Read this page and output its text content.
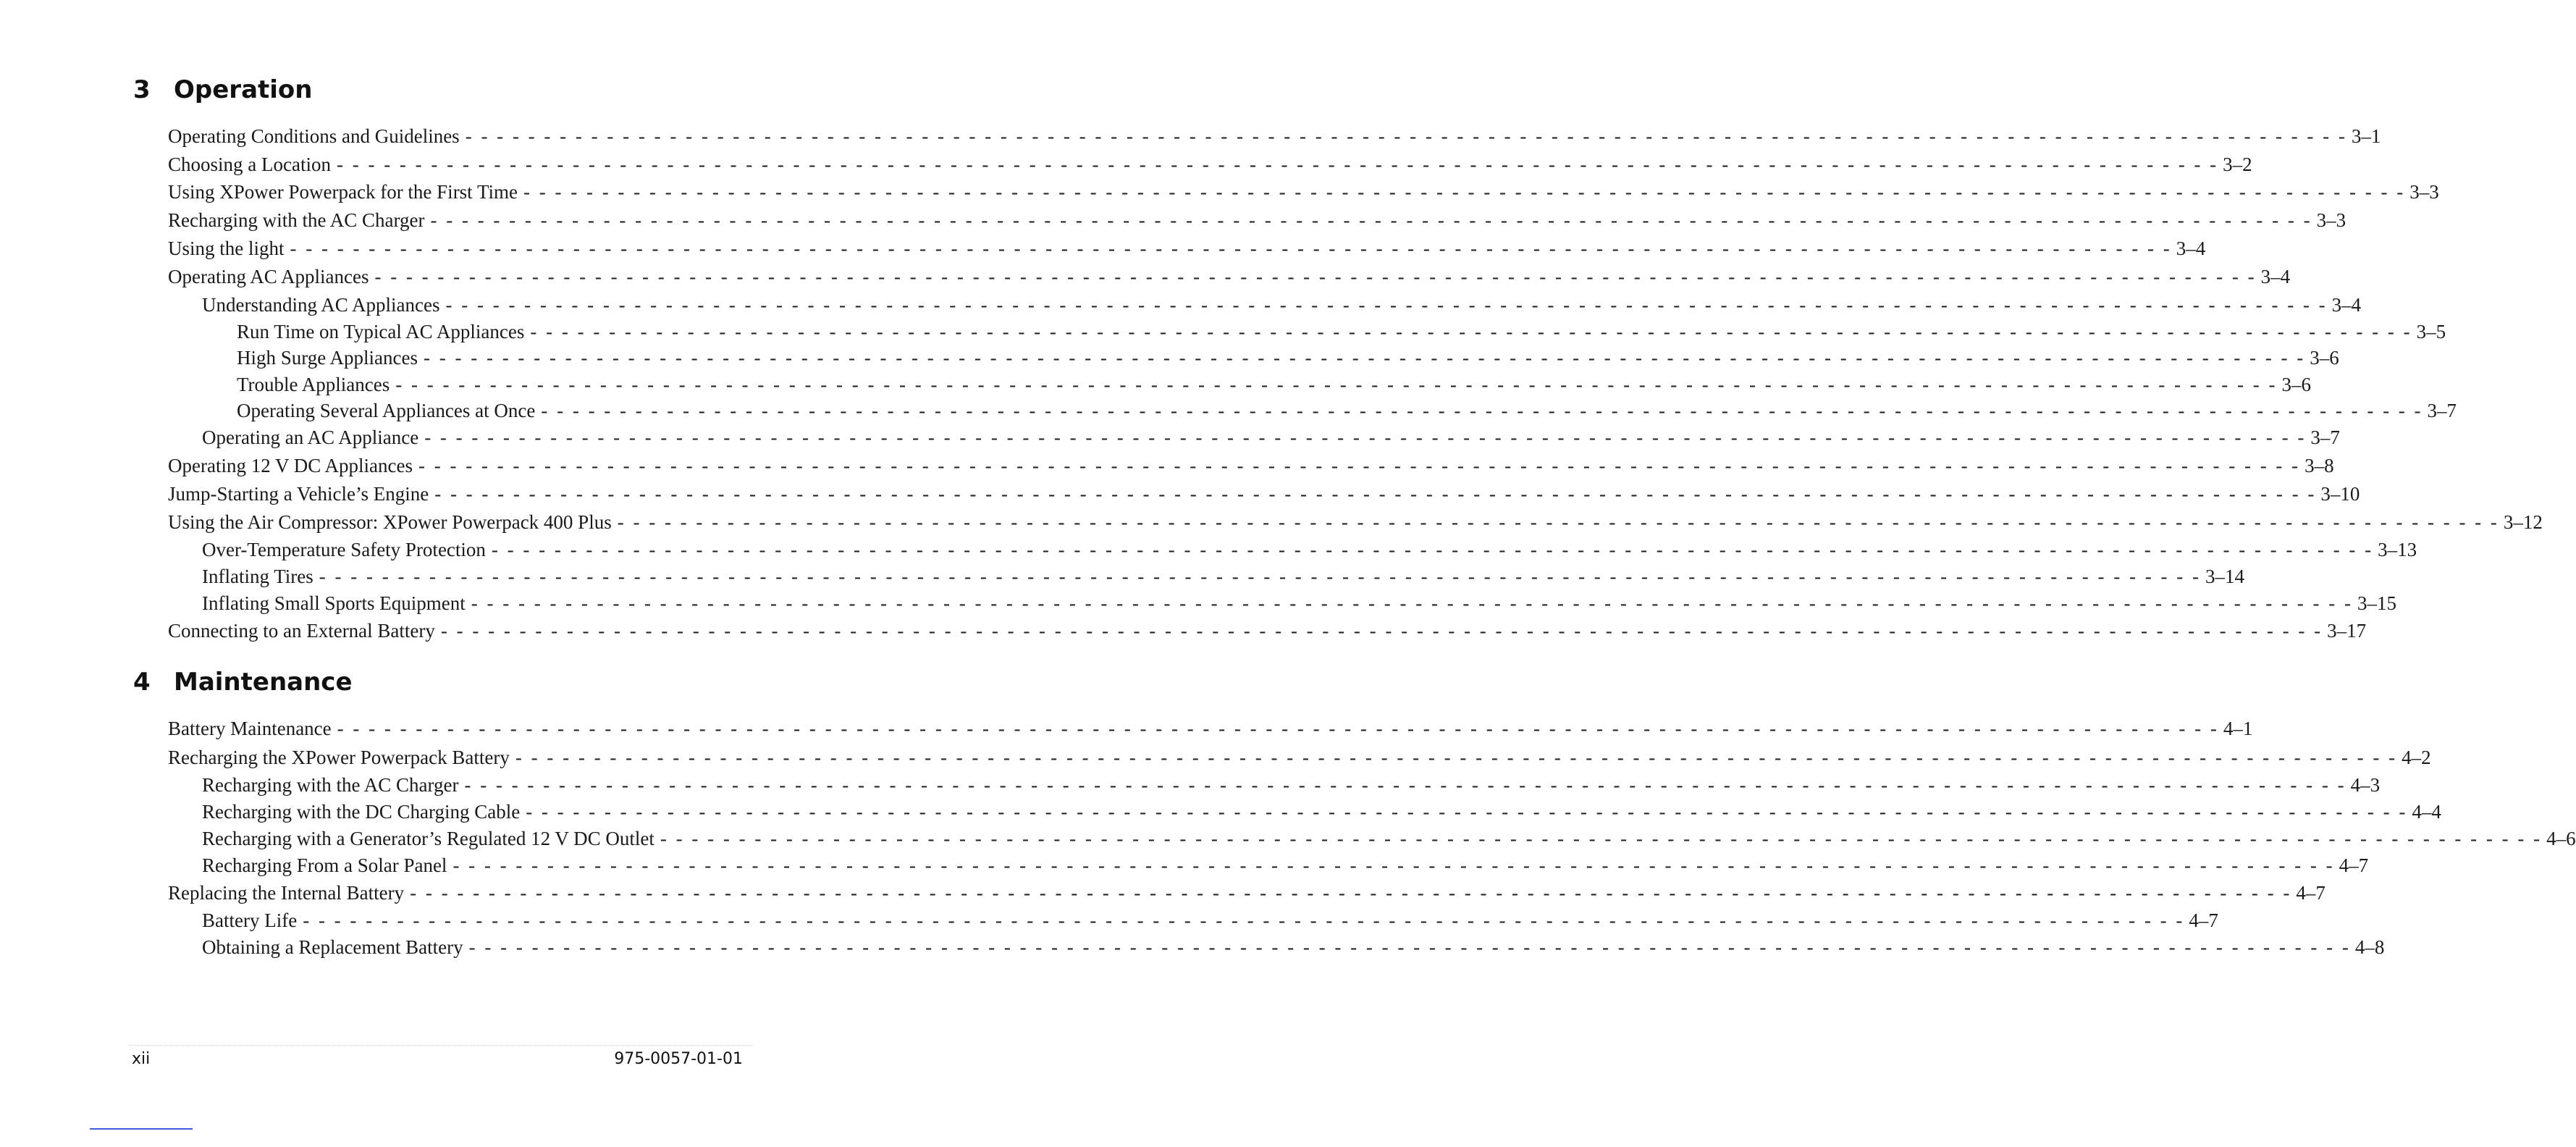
3 Operation
Operating Conditions and Guidelines - - - - - - - - - - - - - - - - - - - - - - - - - - - - - - - - - - - - - - - - - - - - - - - - - - - - - - - - - - - - - - - - - - - - - - - - - - - - - - - - - - - - - - - - - - - - - - - - - - - - - - - - - - - - - - - - - - - - - - - - 3–1
Choosing a Location - - - - - - - - - - - - - - - - - - - - - - - - - - - - - - - - - - - - - - - - - - - - - - - - - - - - - - - - - - - - - - - - - - - - - - - - - - - - - - - - - - - - - - - - - - - - - - - - - - - - - - - - - - - - - - - - - - - - - - - - 3–2
Using XPower Powerpack for the First Time - - - - - - - - - - - - - - - - - - - - - - - - - - - - - - - - - - - - - - - - - - - - - - - - - - - - - - - - - - - - - - - - - - - - - - - - - - - - - - - - - - - - - - - - - - - - - - - - - - - - - - - - - - - - - - - - - - - - - - - - 3–3
Recharging with the AC Charger - - - - - - - - - - - - - - - - - - - - - - - - - - - - - - - - - - - - - - - - - - - - - - - - - - - - - - - - - - - - - - - - - - - - - - - - - - - - - - - - - - - - - - - - - - - - - - - - - - - - - - - - - - - - - - - - - - - - - - - - 3–3
Using the light - - - - - - - - - - - - - - - - - - - - - - - - - - - - - - - - - - - - - - - - - - - - - - - - - - - - - - - - - - - - - - - - - - - - - - - - - - - - - - - - - - - - - - - - - - - - - - - - - - - - - - - - - - - - - - - - - - - - - - - - 3–4
Operating AC Appliances - - - - - - - - - - - - - - - - - - - - - - - - - - - - - - - - - - - - - - - - - - - - - - - - - - - - - - - - - - - - - - - - - - - - - - - - - - - - - - - - - - - - - - - - - - - - - - - - - - - - - - - - - - - - - - - - - - - - - - - - 3–4
Understanding AC Appliances - - - - - - - - - - - - - - - - - - - - - - - - - - - - - - - - - - - - - - - - - - - - - - - - - - - - - - - - - - - - - - - - - - - - - - - - - - - - - - - - - - - - - - - - - - - - - - - - - - - - - - - - - - - - - - - - - - - - - - - - 3–4
Run Time on Typical AC Appliances - - - - - - - - - - - - - - - - - - - - - - - - - - - - - - - - - - - - - - - - - - - - - - - - - - - - - - - - - - - - - - - - - - - - - - - - - - - - - - - - - - - - - - - - - - - - - - - - - - - - - - - - - - - - - - - - - - - - - - - - 3–5
High Surge Appliances - - - - - - - - - - - - - - - - - - - - - - - - - - - - - - - - - - - - - - - - - - - - - - - - - - - - - - - - - - - - - - - - - - - - - - - - - - - - - - - - - - - - - - - - - - - - - - - - - - - - - - - - - - - - - - - - - - - - - - - - 3–6
Trouble Appliances - - - - - - - - - - - - - - - - - - - - - - - - - - - - - - - - - - - - - - - - - - - - - - - - - - - - - - - - - - - - - - - - - - - - - - - - - - - - - - - - - - - - - - - - - - - - - - - - - - - - - - - - - - - - - - - - - - - - - - - - 3–6
Operating Several Appliances at Once - - - - - - - - - - - - - - - - - - - - - - - - - - - - - - - - - - - - - - - - - - - - - - - - - - - - - - - - - - - - - - - - - - - - - - - - - - - - - - - - - - - - - - - - - - - - - - - - - - - - - - - - - - - - - - - - - - - - - - - - 3–7
Operating an AC Appliance - - - - - - - - - - - - - - - - - - - - - - - - - - - - - - - - - - - - - - - - - - - - - - - - - - - - - - - - - - - - - - - - - - - - - - - - - - - - - - - - - - - - - - - - - - - - - - - - - - - - - - - - - - - - - - - - - - - - - - - - 3–7
Operating 12 V DC Appliances - - - - - - - - - - - - - - - - - - - - - - - - - - - - - - - - - - - - - - - - - - - - - - - - - - - - - - - - - - - - - - - - - - - - - - - - - - - - - - - - - - - - - - - - - - - - - - - - - - - - - - - - - - - - - - - - - - - - - - - - 3–8
Jump-Starting a Vehicle’s Engine - - - - - - - - - - - - - - - - - - - - - - - - - - - - - - - - - - - - - - - - - - - - - - - - - - - - - - - - - - - - - - - - - - - - - - - - - - - - - - - - - - - - - - - - - - - - - - - - - - - - - - - - - - - - - - - - - - - - - - - - 3–10
Using the Air Compressor: XPower Powerpack 400 Plus - - - - - - - - - - - - - - - - - - - - - - - - - - - - - - - - - - - - - - - - - - - - - - - - - - - - - - - - - - - - - - - - - - - - - - - - - - - - - - - - - - - - - - - - - - - - - - - - - - - - - - - - - - - - - - - - - - - - - - - - 3–12
Over-Temperature Safety Protection - - - - - - - - - - - - - - - - - - - - - - - - - - - - - - - - - - - - - - - - - - - - - - - - - - - - - - - - - - - - - - - - - - - - - - - - - - - - - - - - - - - - - - - - - - - - - - - - - - - - - - - - - - - - - - - - - - - - - - - - 3–13
Inflating Tires - - - - - - - - - - - - - - - - - - - - - - - - - - - - - - - - - - - - - - - - - - - - - - - - - - - - - - - - - - - - - - - - - - - - - - - - - - - - - - - - - - - - - - - - - - - - - - - - - - - - - - - - - - - - - - - - - - - - - - - - 3–14
Inflating Small Sports Equipment - - - - - - - - - - - - - - - - - - - - - - - - - - - - - - - - - - - - - - - - - - - - - - - - - - - - - - - - - - - - - - - - - - - - - - - - - - - - - - - - - - - - - - - - - - - - - - - - - - - - - - - - - - - - - - - - - - - - - - - - 3–15
Connecting to an External Battery - - - - - - - - - - - - - - - - - - - - - - - - - - - - - - - - - - - - - - - - - - - - - - - - - - - - - - - - - - - - - - - - - - - - - - - - - - - - - - - - - - - - - - - - - - - - - - - - - - - - - - - - - - - - - - - - - - - - - - - - 3–17
4 Maintenance
Battery Maintenance - - - - - - - - - - - - - - - - - - - - - - - - - - - - - - - - - - - - - - - - - - - - - - - - - - - - - - - - - - - - - - - - - - - - - - - - - - - - - - - - - - - - - - - - - - - - - - - - - - - - - - - - - - - - - - - - - - - - - - - - 4–1
Recharging the XPower Powerpack Battery - - - - - - - - - - - - - - - - - - - - - - - - - - - - - - - - - - - - - - - - - - - - - - - - - - - - - - - - - - - - - - - - - - - - - - - - - - - - - - - - - - - - - - - - - - - - - - - - - - - - - - - - - - - - - - - - - - - - - - - - 4–2
Recharging with the AC Charger - - - - - - - - - - - - - - - - - - - - - - - - - - - - - - - - - - - - - - - - - - - - - - - - - - - - - - - - - - - - - - - - - - - - - - - - - - - - - - - - - - - - - - - - - - - - - - - - - - - - - - - - - - - - - - - - - - - - - - - - 4–3
Recharging with the DC Charging Cable - - - - - - - - - - - - - - - - - - - - - - - - - - - - - - - - - - - - - - - - - - - - - - - - - - - - - - - - - - - - - - - - - - - - - - - - - - - - - - - - - - - - - - - - - - - - - - - - - - - - - - - - - - - - - - - - - - - - - - - - 4–4
Recharging with a Generator’s Regulated 12 V DC Outlet - - - - - - - - - - - - - - - - - - - - - - - - - - - - - - - - - - - - - - - - - - - - - - - - - - - - - - - - - - - - - - - - - - - - - - - - - - - - - - - - - - - - - - - - - - - - - - - - - - - - - - - - - - - - - - - - - - - - - - - - 4–6
Recharging From a Solar Panel - - - - - - - - - - - - - - - - - - - - - - - - - - - - - - - - - - - - - - - - - - - - - - - - - - - - - - - - - - - - - - - - - - - - - - - - - - - - - - - - - - - - - - - - - - - - - - - - - - - - - - - - - - - - - - - - - - - - - - - - 4–7
Replacing the Internal Battery - - - - - - - - - - - - - - - - - - - - - - - - - - - - - - - - - - - - - - - - - - - - - - - - - - - - - - - - - - - - - - - - - - - - - - - - - - - - - - - - - - - - - - - - - - - - - - - - - - - - - - - - - - - - - - - - - - - - - - - - 4–7
Battery Life - - - - - - - - - - - - - - - - - - - - - - - - - - - - - - - - - - - - - - - - - - - - - - - - - - - - - - - - - - - - - - - - - - - - - - - - - - - - - - - - - - - - - - - - - - - - - - - - - - - - - - - - - - - - - - - - - - - - - - - - 4–7
Obtaining a Replacement Battery - - - - - - - - - - - - - - - - - - - - - - - - - - - - - - - - - - - - - - - - - - - - - - - - - - - - - - - - - - - - - - - - - - - - - - - - - - - - - - - - - - - - - - - - - - - - - - - - - - - - - - - - - - - - - - - - - - - - - - - - 4–8
xii	975-0057-01-01
